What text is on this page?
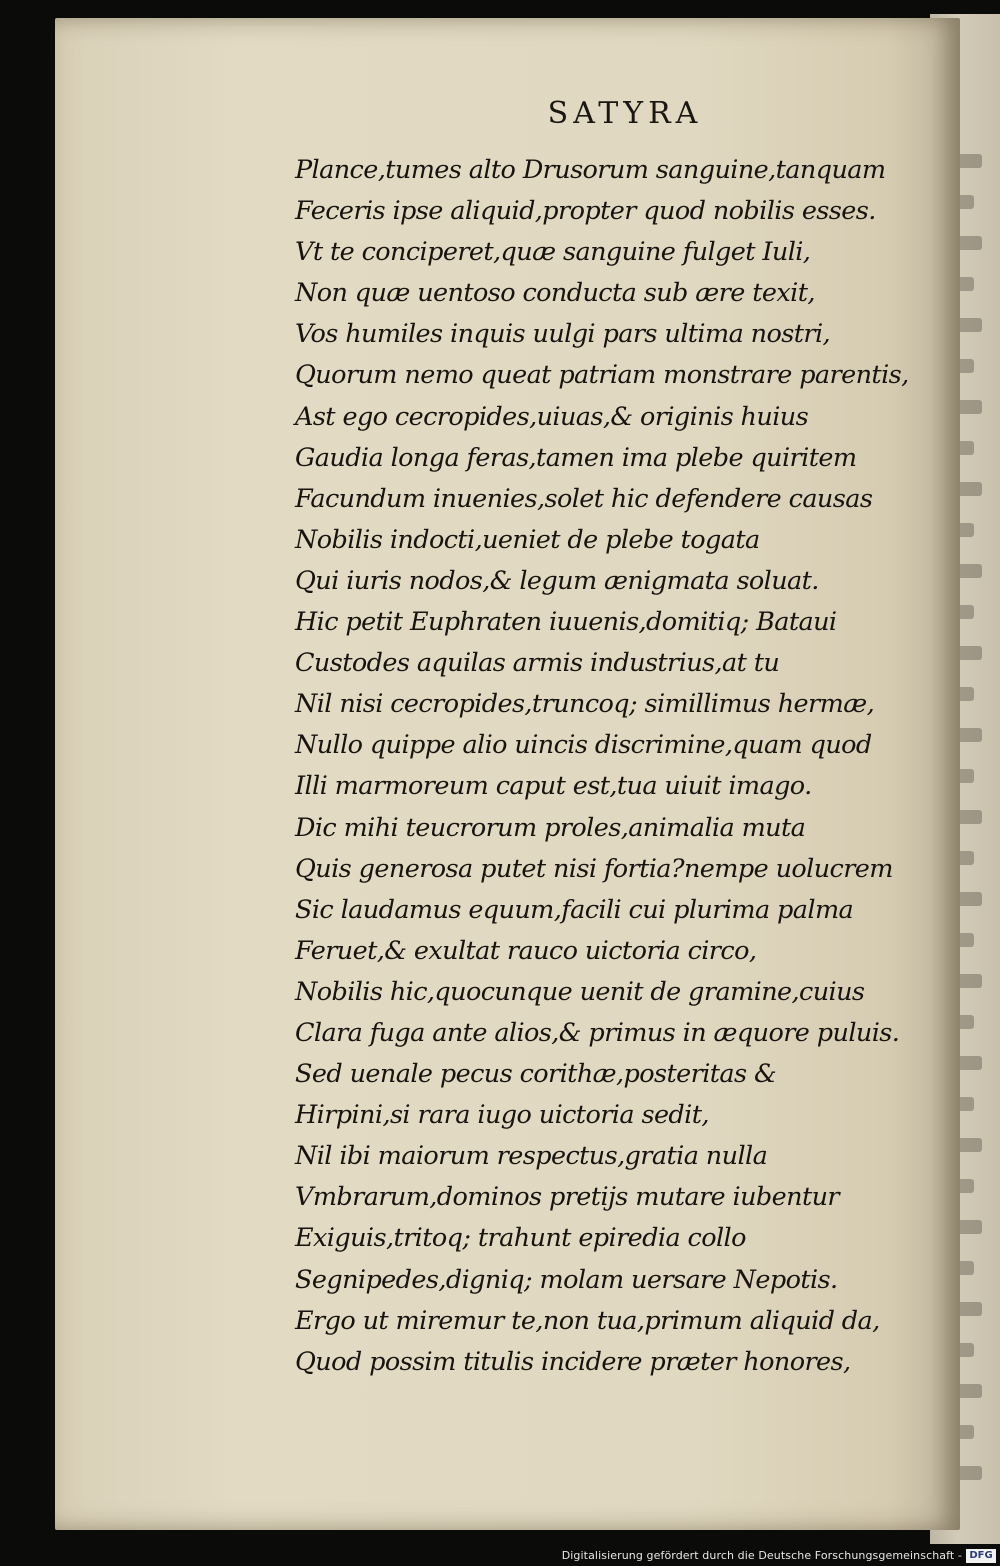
SATYRA
Plance,tumes alto Drusorum sanguine,tanquam
Feceris ipse aliquid,propter quod nobilis esses.
Vt te conciperet,quæ sanguine fulget Iuli,
Non quæ uentoso conducta sub ære texit,
Vos humiles inquis uulgi pars ultima nostri,
Quorum nemo queat patriam monstrare parentis,
Ast ego cecropides,uiuas,& originis huius
Gaudia longa feras,tamen ima plebe quiritem
Facundum inuenies,solet hic defendere causas
Nobilis indocti,ueniet de plebe togata
Qui iuris nodos,& legum ænigmata soluat.
Hic petit Euphraten iuuenis,domitiq; Bataui
Custodes aquilas armis industrius,at tu
Nil nisi cecropides,truncoq; simillimus hermæ,
Nullo quippe alio uincis discrimine,quam quod
Illi marmoreum caput est,tua uiuit imago.
Dic mihi teucrorum proles,animalia muta
Quis generosa putet nisi fortia?nempe uolucrem
Sic laudamus equum,facili cui plurima palma
Feruet,& exultat rauco uictoria circo,
Nobilis hic,quocunque uenit de gramine,cuius
Clara fuga ante alios,& primus in æquore puluis.
Sed uenale pecus corithæ,posteritas &
Hirpini,si rara iugo uictoria sedit,
Nil ibi maiorum respectus,gratia nulla
Vmbrarum,dominos pretijs mutare iubentur
Exiguis,tritoq; trahunt epiredia collo
Segnipedes,digniq; molam uersare Nepotis.
Ergo ut miremur te,non tua,primum aliquid da,
Quod possim titulis incidere præter honores,
Digitalisierung gefördert durch die Deutsche Forschungsgemeinschaft - DFG
